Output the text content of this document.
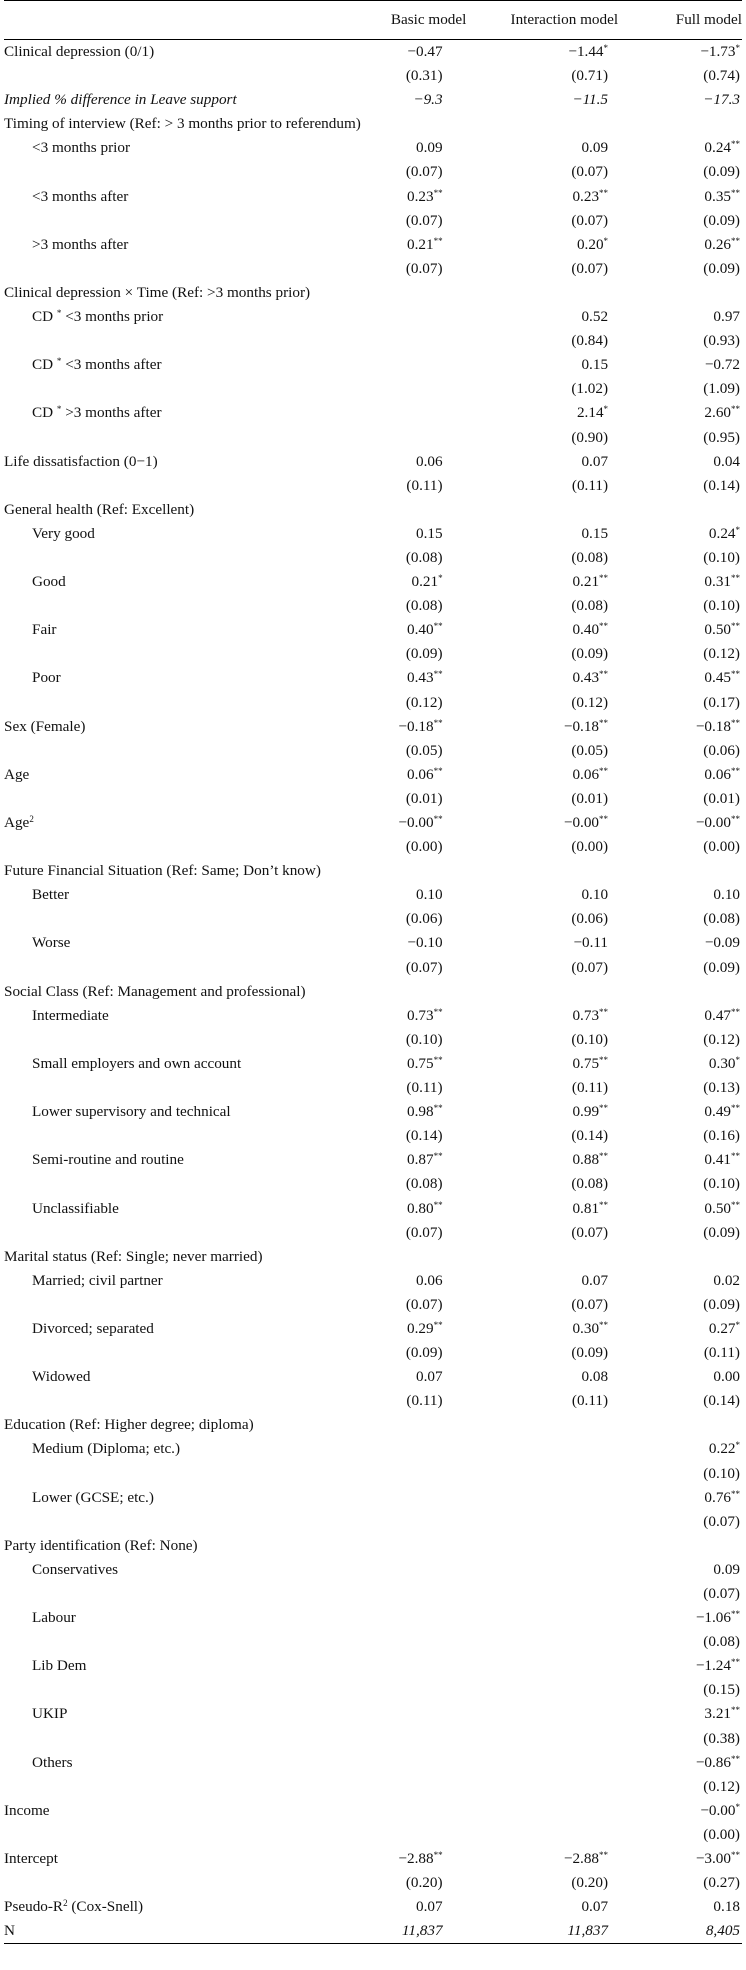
	Basic model	Interaction model	Full model
Clinical depression (0/1)	−0.47	−1.44*	−1.73*
	(0.31)	(0.71)	(0.74)
Implied % difference in Leave support	−9.3	−11.5	−17.3
Timing of interview (Ref: > 3 months prior to referendum)			
<3 months prior	0.09	0.09	0.24**
	(0.07)	(0.07)	(0.09)
<3 months after	0.23**	0.23**	0.35**
	(0.07)	(0.07)	(0.09)
>3 months after	0.21**	0.20*	0.26**
	(0.07)	(0.07)	(0.09)
Clinical depression × Time (Ref: >3 months prior)			
CD * <3 months prior		0.52	0.97
		(0.84)	(0.93)
CD * <3 months after		0.15	−0.72
		(1.02)	(1.09)
CD * >3 months after		2.14*	2.60**
		(0.90)	(0.95)
Life dissatisfaction (0−1)	0.06	0.07	0.04
	(0.11)	(0.11)	(0.14)
General health (Ref: Excellent)			
Very good	0.15	0.15	0.24*
	(0.08)	(0.08)	(0.10)
Good	0.21*	0.21**	0.31**
	(0.08)	(0.08)	(0.10)
Fair	0.40**	0.40**	0.50**
	(0.09)	(0.09)	(0.12)
Poor	0.43**	0.43**	0.45**
	(0.12)	(0.12)	(0.17)
Sex (Female)	−0.18**	−0.18**	−0.18**
	(0.05)	(0.05)	(0.06)
Age	0.06**	0.06**	0.06**
	(0.01)	(0.01)	(0.01)
Age$^2$	−0.00**	−0.00**	−0.00**
	(0.00)	(0.00)	(0.00)
Future Financial Situation (Ref: Same; Don’t know)			
Better	0.10	0.10	0.10
	(0.06)	(0.06)	(0.08)
Worse	−0.10	−0.11	−0.09
	(0.07)	(0.07)	(0.09)
Social Class (Ref: Management and professional)			
Intermediate	0.73**	0.73**	0.47**
	(0.10)	(0.10)	(0.12)
Small employers and own account	0.75**	0.75**	0.30*
	(0.11)	(0.11)	(0.13)
Lower supervisory and technical	0.98**	0.99**	0.49**
	(0.14)	(0.14)	(0.16)
Semi-routine and routine	0.87**	0.88**	0.41**
	(0.08)	(0.08)	(0.10)
Unclassifiable	0.80**	0.81**	0.50**
	(0.07)	(0.07)	(0.09)
Marital status (Ref: Single; never married)			
Married; civil partner	0.06	0.07	0.02
	(0.07)	(0.07)	(0.09)
Divorced; separated	0.29**	0.30**	0.27*
	(0.09)	(0.09)	(0.11)
Widowed	0.07	0.08	0.00
	(0.11)	(0.11)	(0.14)
Education (Ref: Higher degree; diploma)			
Medium (Diploma; etc.)			0.22*
			(0.10)
Lower (GCSE; etc.)			0.76**
			(0.07)
Party identification (Ref: None)			
Conservatives			0.09
			(0.07)
Labour			−1.06**
			(0.08)
Lib Dem			−1.24**
			(0.15)
UKIP			3.21**
			(0.38)
Others			−0.86**
			(0.12)
Income			−0.00*
			(0.00)
Intercept	−2.88**	−2.88**	−3.00**
	(0.20)	(0.20)	(0.27)
Pseudo-$R^2$ (Cox-Snell)	0.07	0.07	0.18
N	11,837	11,837	8,405
